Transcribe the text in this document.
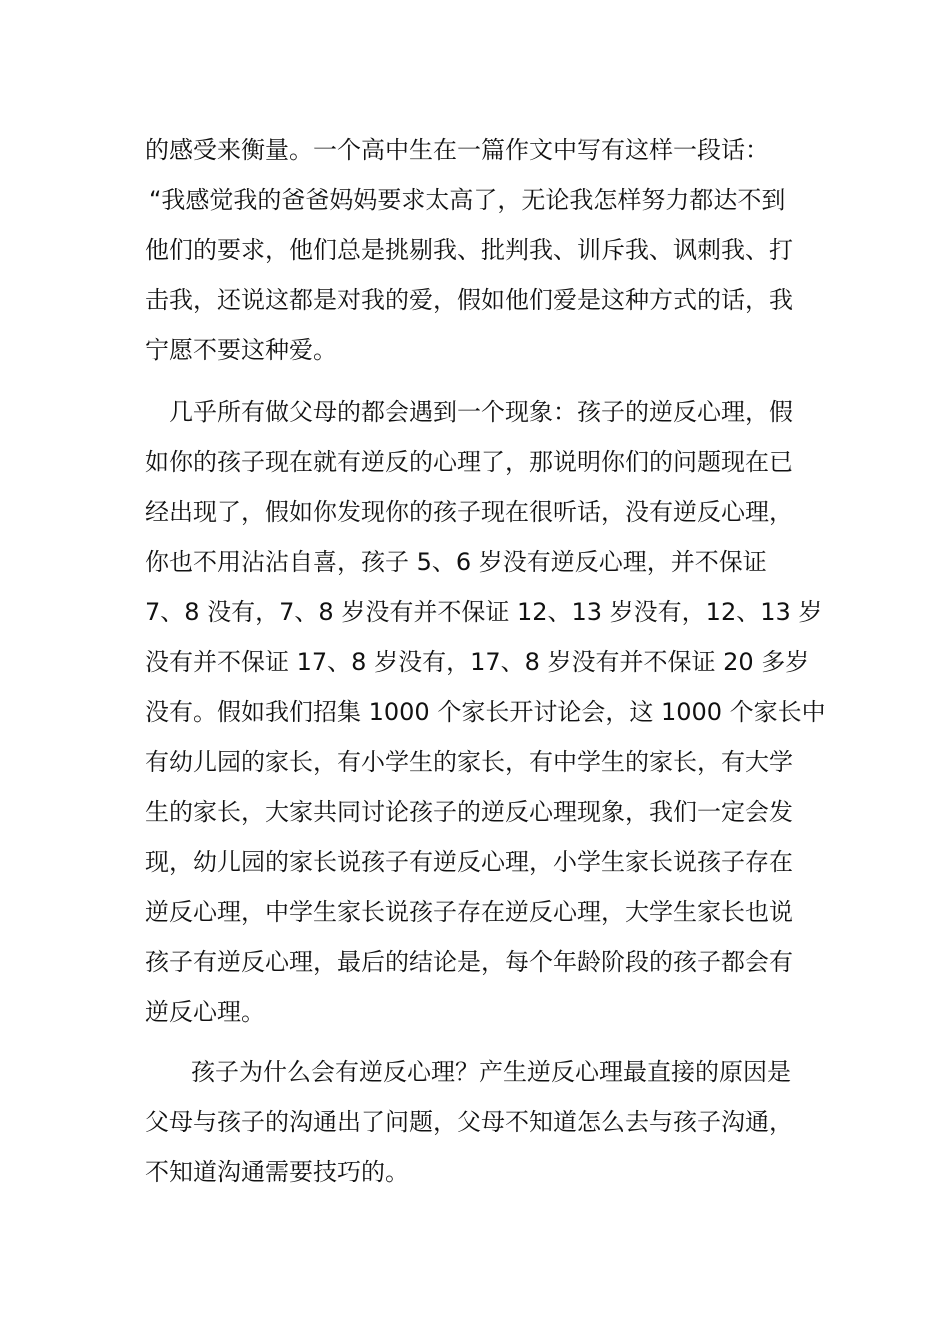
的感受来衡量。一个高中生在一篇作文中写有这样一段话：
“我感觉我的爸爸妈妈要求太高了，无论我怎样努力都达不到
他们的要求，他们总是挑剔我、批判我、训斥我、讽刺我、打
击我，还说这都是对我的爱，假如他们爱是这种方式的话，我
宁愿不要这种爱。
几乎所有做父母的都会遇到一个现象：孩子的逆反心理，假
如你的孩子现在就有逆反的心理了，那说明你们的问题现在已
经出现了，假如你发现你的孩子现在很听话，没有逆反心理，
你也不用沾沾自喜，孩子 5、6 岁没有逆反心理，并不保证
7、8 没有，7、8 岁没有并不保证 12、13 岁没有，12、13 岁
没有并不保证 17、8 岁没有，17、8 岁没有并不保证 20 多岁
没有。假如我们招集 1000 个家长开讨论会，这 1000 个家长中
有幼儿园的家长，有小学生的家长，有中学生的家长，有大学
生的家长，大家共同讨论孩子的逆反心理现象，我们一定会发
现，幼儿园的家长说孩子有逆反心理，小学生家长说孩子存在
逆反心理，中学生家长说孩子存在逆反心理，大学生家长也说
孩子有逆反心理，最后的结论是，每个年龄阶段的孩子都会有
逆反心理。
孩子为什么会有逆反心理？产生逆反心理最直接的原因是
父母与孩子的沟通出了问题，父母不知道怎么去与孩子沟通，
不知道沟通需要技巧的。
